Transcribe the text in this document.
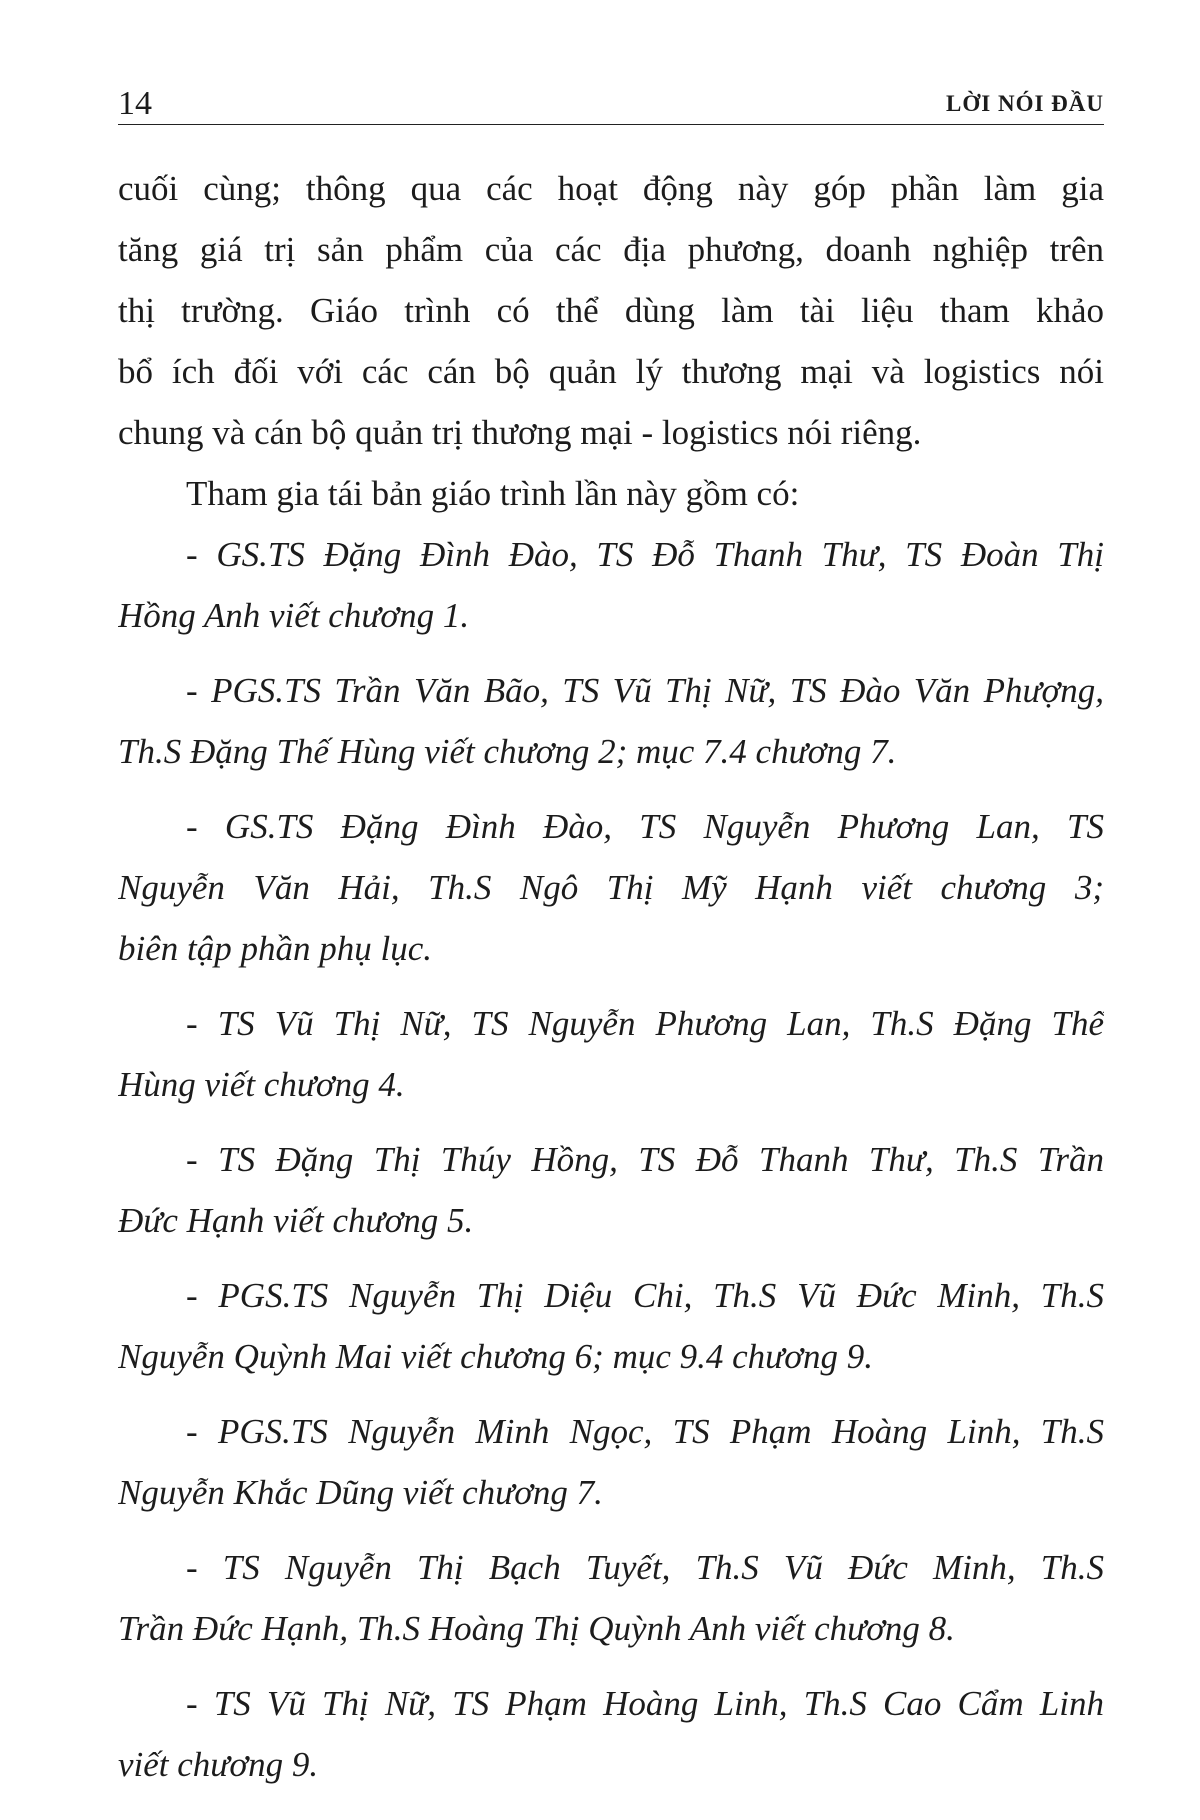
14	LỜI NÓI ĐẦU
cuối cùng; thông qua các hoạt động này góp phần làm gia
tăng giá trị sản phẩm của các địa phương, doanh nghiệp trên
thị trường. Giáo trình có thể dùng làm tài liệu tham khảo
bổ ích đối với các cán bộ quản lý thương mại và logistics nói
chung và cán bộ quản trị thương mại - logistics nói riêng.
Tham gia tái bản giáo trình lần này gồm có:
- GS.TS Đặng Đình Đào, TS Đỗ Thanh Thư, TS Đoàn Thị
Hồng Anh viết chương 1.
- PGS.TS Trần Văn Bão, TS Vũ Thị Nữ, TS Đào Văn Phượng,
Th.S Đặng Thế Hùng viết chương 2; mục 7.4 chương 7.
- GS.TS Đặng Đình Đào, TS Nguyễn Phương Lan, TS
Nguyễn Văn Hải, Th.S Ngô Thị Mỹ Hạnh viết chương 3;
biên tập phần phụ lục.
- TS Vũ Thị Nữ, TS Nguyễn Phương Lan, Th.S Đặng Thế
Hùng viết chương 4.
- TS Đặng Thị Thúy Hồng, TS Đỗ Thanh Thư, Th.S Trần
Đức Hạnh viết chương 5.
- PGS.TS Nguyễn Thị Diệu Chi, Th.S Vũ Đức Minh, Th.S
Nguyễn Quỳnh Mai viết chương 6; mục 9.4 chương 9.
- PGS.TS Nguyễn Minh Ngọc, TS Phạm Hoàng Linh, Th.S
Nguyễn Khắc Dũng viết chương 7.
- TS Nguyễn Thị Bạch Tuyết, Th.S Vũ Đức Minh, Th.S
Trần Đức Hạnh, Th.S Hoàng Thị Quỳnh Anh viết chương 8.
- TS Vũ Thị Nữ, TS Phạm Hoàng Linh, Th.S Cao Cẩm Linh
viết chương 9.
